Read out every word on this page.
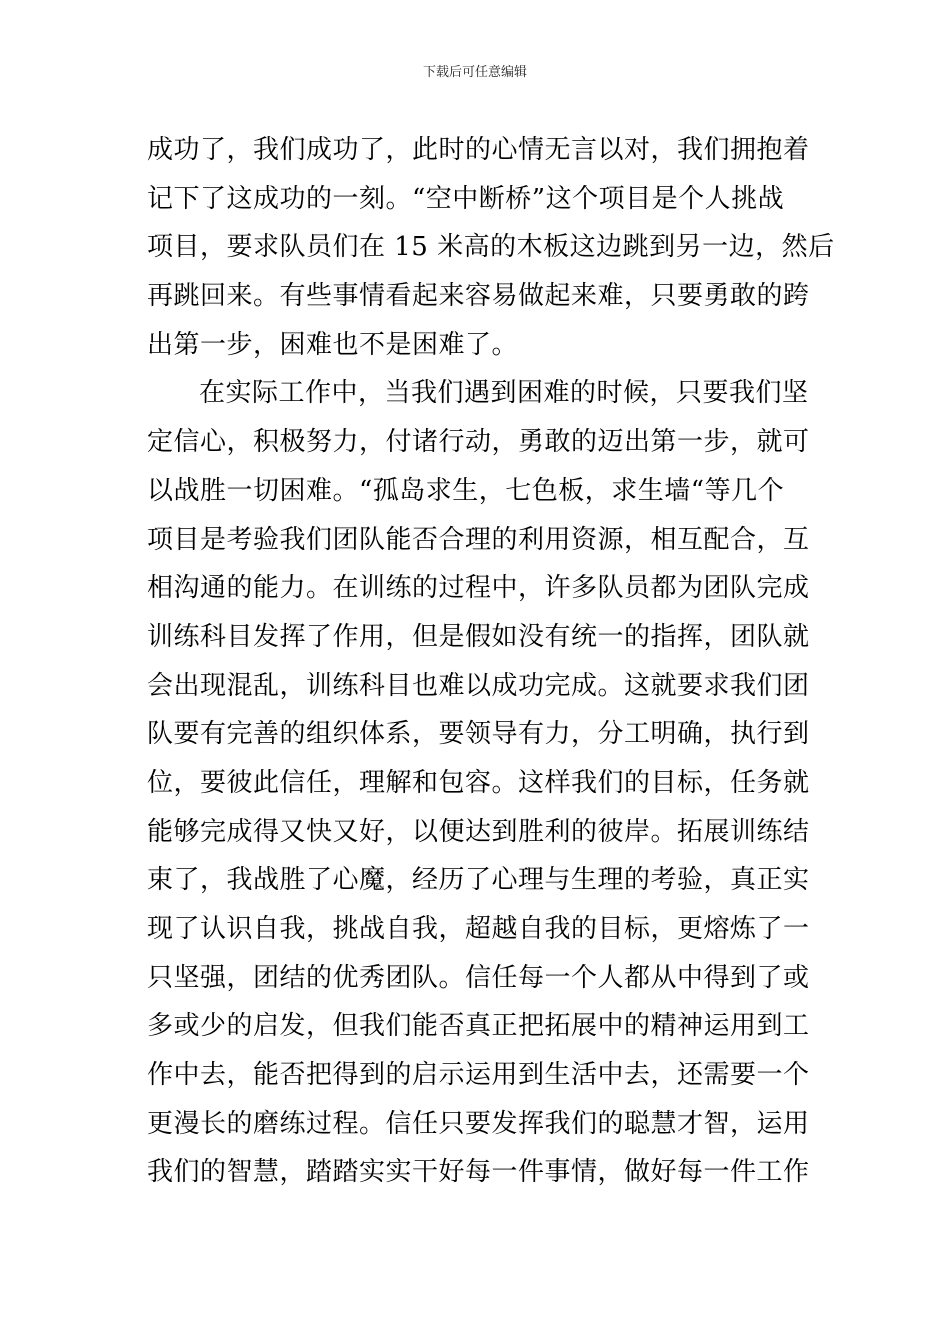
下载后可任意编辑
成功了，我们成功了，此时的心情无言以对，我们拥抱着
记下了这成功的一刻。“空中断桥”这个项目是个人挑战
项目，要求队员们在 15 米高的木板这边跳到另一边，然后
再跳回来。有些事情看起来容易做起来难，只要勇敢的跨
出第一步，困难也不是困难了。
在实际工作中，当我们遇到困难的时候，只要我们坚
定信心，积极努力，付诸行动，勇敢的迈出第一步，就可
以战胜一切困难。“孤岛求生，七色板，求生墙“等几个
项目是考验我们团队能否合理的利用资源，相互配合，互
相沟通的能力。在训练的过程中，许多队员都为团队完成
训练科目发挥了作用，但是假如没有统一的指挥，团队就
会出现混乱，训练科目也难以成功完成。这就要求我们团
队要有完善的组织体系，要领导有力，分工明确，执行到
位，要彼此信任，理解和包容。这样我们的目标，任务就
能够完成得又快又好，以便达到胜利的彼岸。拓展训练结
束了，我战胜了心魔，经历了心理与生理的考验，真正实
现了认识自我，挑战自我，超越自我的目标，更熔炼了一
只坚强，团结的优秀团队。信任每一个人都从中得到了或
多或少的启发，但我们能否真正把拓展中的精神运用到工
作中去，能否把得到的启示运用到生活中去，还需要一个
更漫长的磨练过程。信任只要发挥我们的聪慧才智，运用
我们的智慧，踏踏实实干好每一件事情，做好每一件工作
